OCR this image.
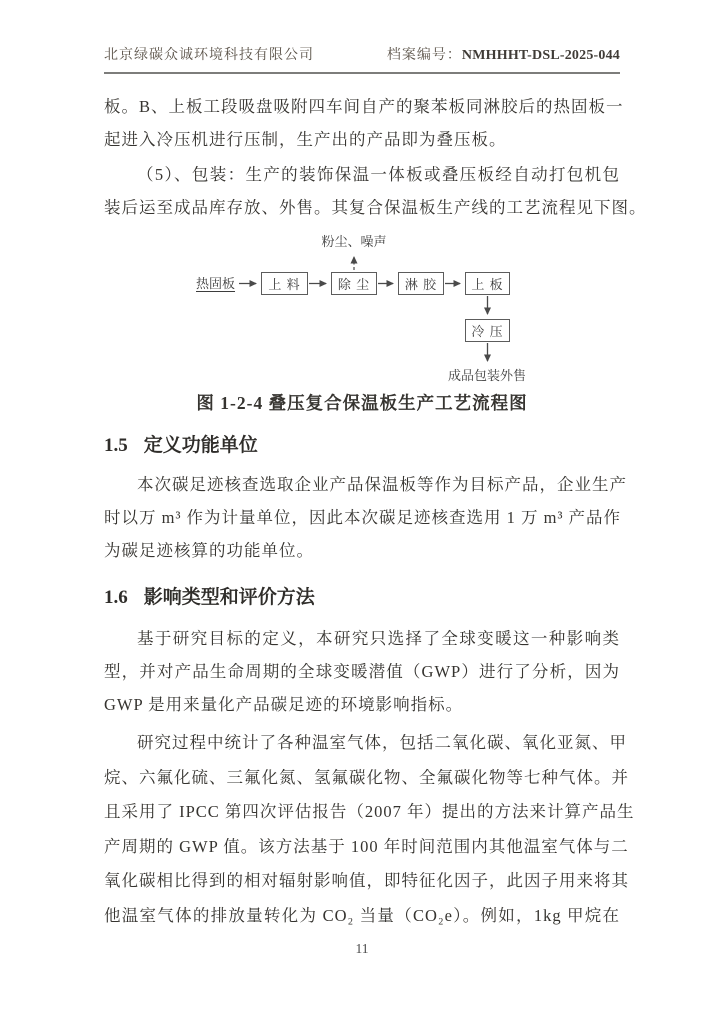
北京绿碳众诚环境科技有限公司	档案编号：NMHHHT-DSL-2025-044
板。B、上板工段吸盘吸附四车间自产的聚苯板同淋胶后的热固板一
起进入冷压机进行压制，生产出的产品即为叠压板。
（5）、包装：生产的装饰保温一体板或叠压板经自动打包机包
装后运至成品库存放、外售。其复合保温板生产线的工艺流程见下图。
粉尘、噪声
热固板	上 料	除 尘	淋 胶	上 板
冷 压
成品包装外售
图 1-2-4 叠压复合保温板生产工艺流程图
1.5 定义功能单位
本次碳足迹核查选取企业产品保温板等作为目标产品，企业生产
时以万 m³ 作为计量单位，因此本次碳足迹核查选用 1 万 m³ 产品作
为碳足迹核算的功能单位。
1.6 影响类型和评价方法
基于研究目标的定义，本研究只选择了全球变暖这一种影响类
型，并对产品生命周期的全球变暖潜值（GWP）进行了分析，因为
GWP 是用来量化产品碳足迹的环境影响指标。
研究过程中统计了各种温室气体，包括二氧化碳、氧化亚氮、甲
烷、六氟化硫、三氟化氮、氢氟碳化物、全氟碳化物等七种气体。并
且采用了 IPCC 第四次评估报告（2007 年）提出的方法来计算产品生
产周期的 GWP 值。该方法基于 100 年时间范围内其他温室气体与二
氧化碳相比得到的相对辐射影响值，即特征化因子，此因子用来将其
他温室气体的排放量转化为 CO₂ 当量（CO₂e）。例如，1kg 甲烷在
11
